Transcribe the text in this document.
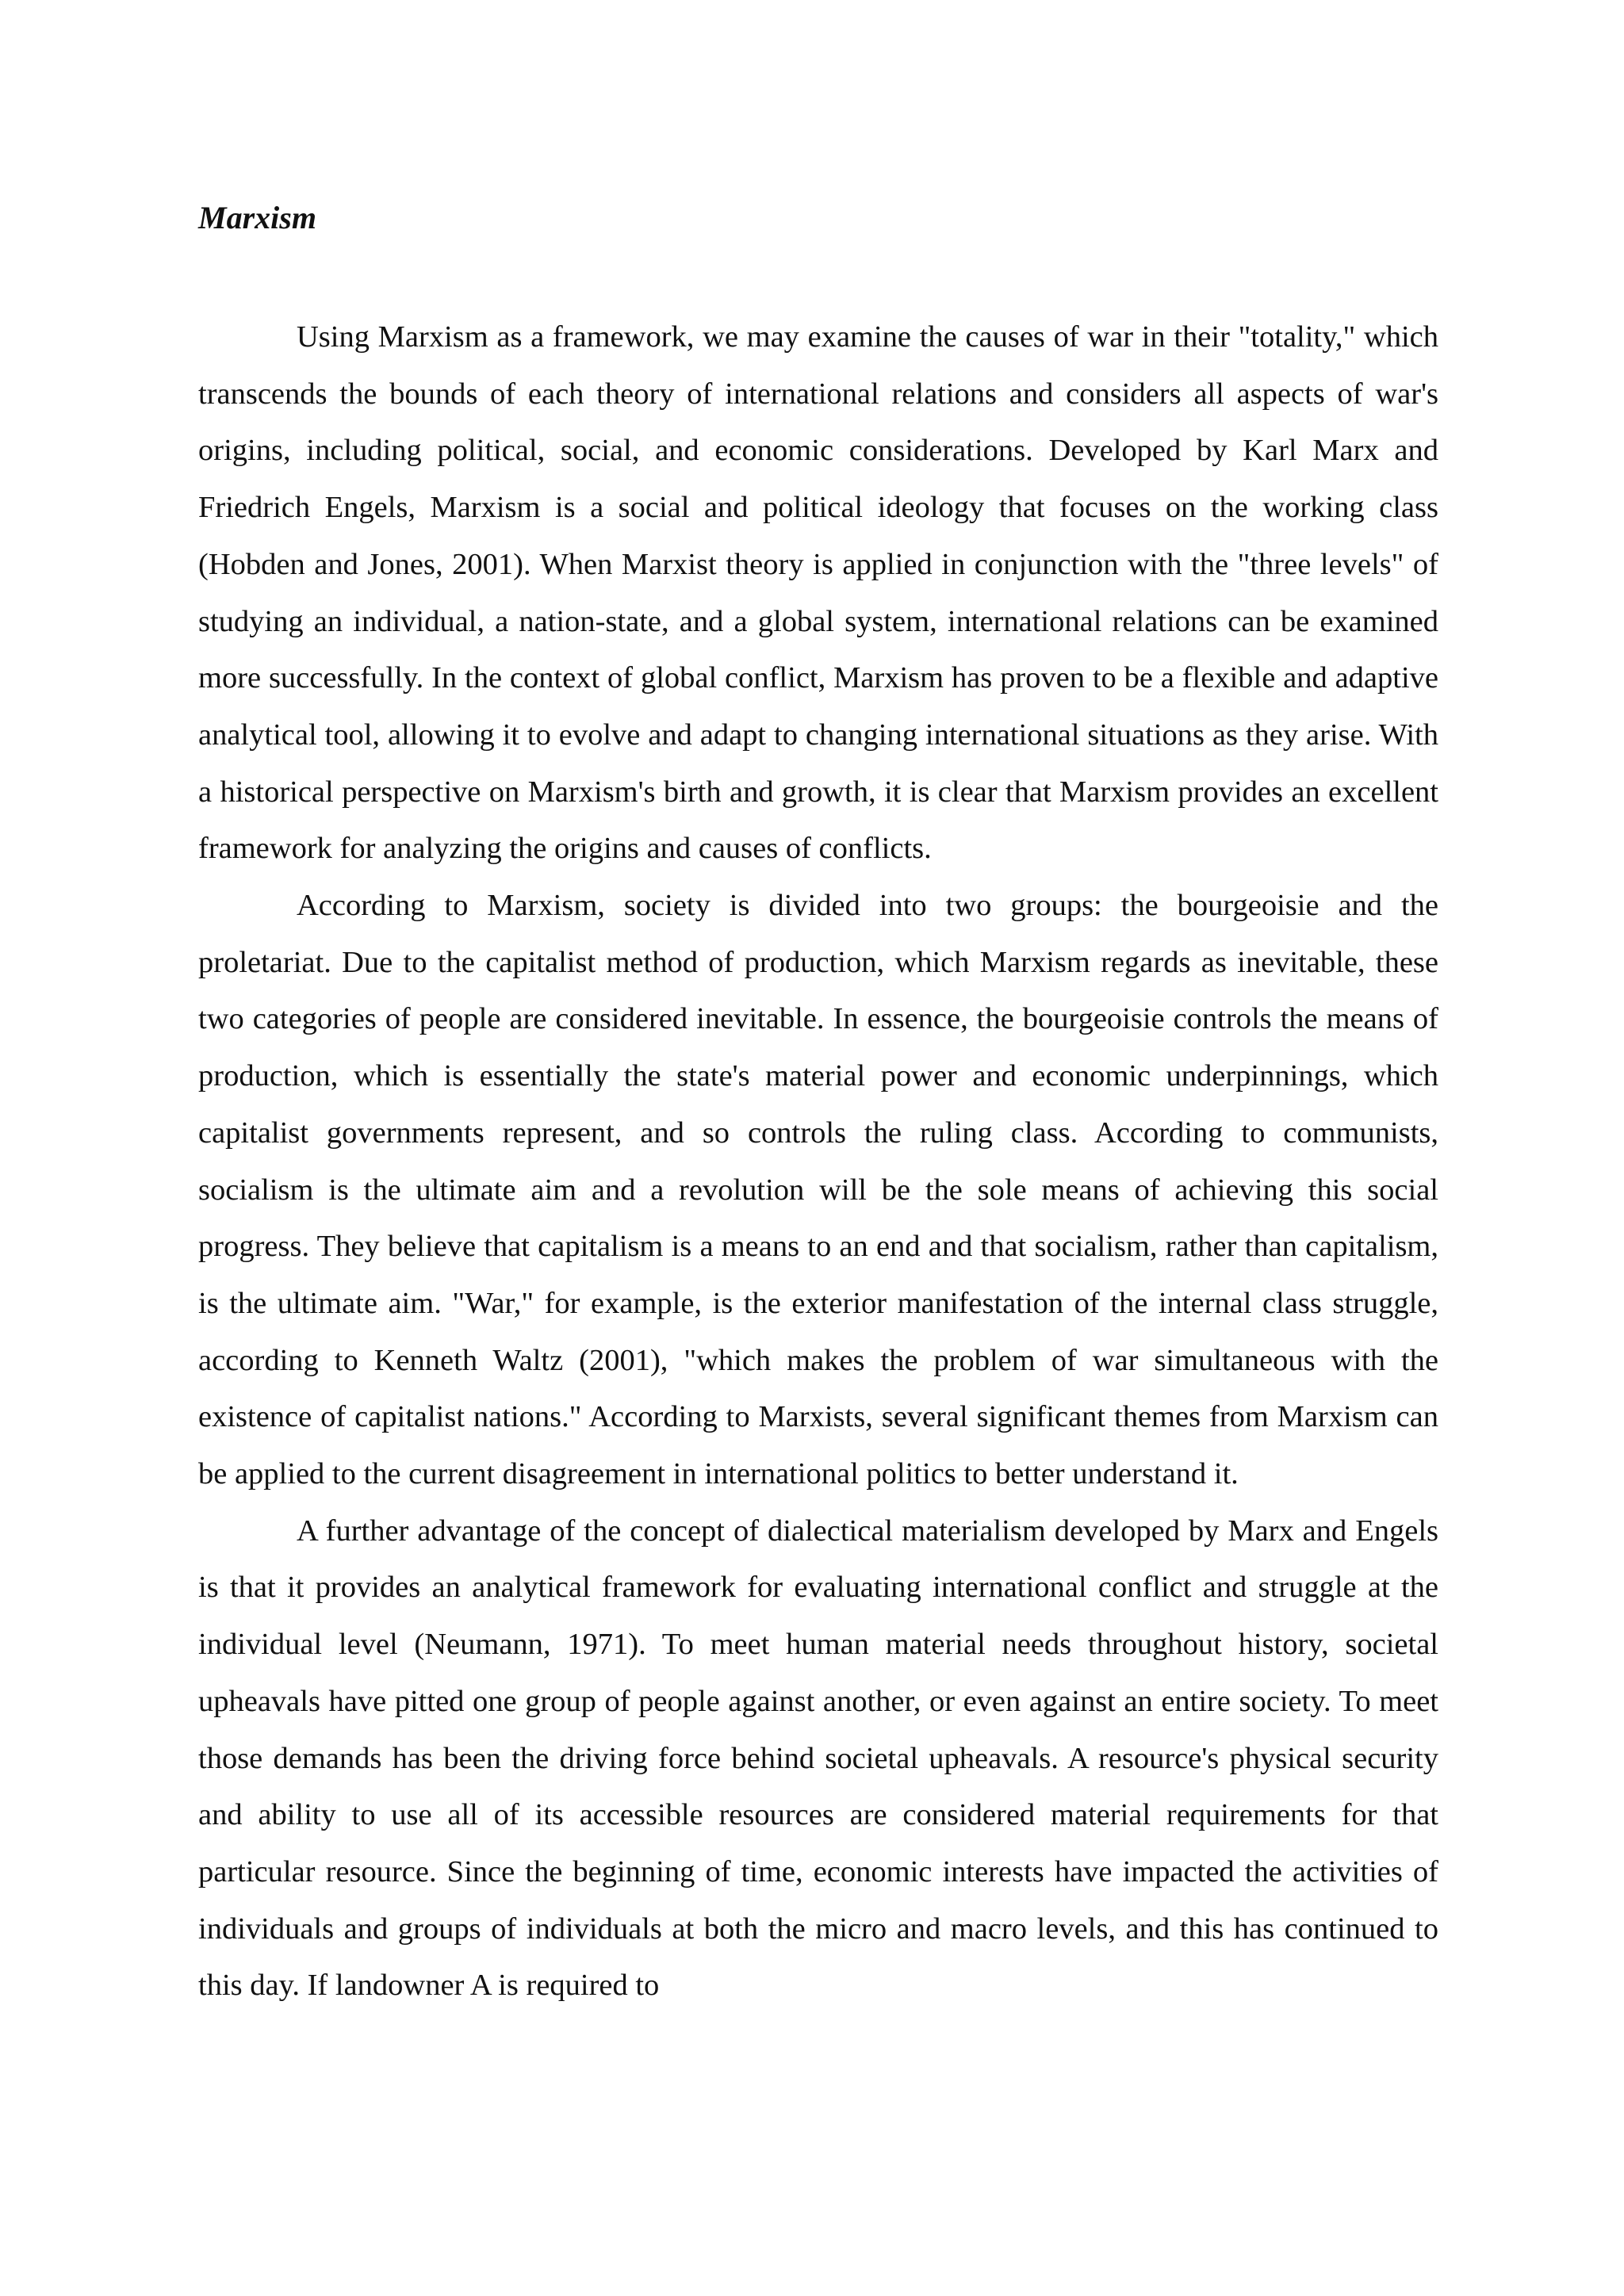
Marxism

Using Marxism as a framework, we may examine the causes of war in their "totality," which transcends the bounds of each theory of international relations and considers all aspects of war's origins, including political, social, and economic considerations. Developed by Karl Marx and Friedrich Engels, Marxism is a social and political ideology that focuses on the working class (Hobden and Jones, 2001). When Marxist theory is applied in conjunction with the "three levels" of studying an individual, a nation-state, and a global system, international relations can be examined more successfully. In the context of global conflict, Marxism has proven to be a flexible and adaptive analytical tool, allowing it to evolve and adapt to changing international situations as they arise. With a historical perspective on Marxism's birth and growth, it is clear that Marxism provides an excellent framework for analyzing the origins and causes of conflicts.

According to Marxism, society is divided into two groups: the bourgeoisie and the proletariat. Due to the capitalist method of production, which Marxism regards as inevitable, these two categories of people are considered inevitable. In essence, the bourgeoisie controls the means of production, which is essentially the state's material power and economic underpinnings, which capitalist governments represent, and so controls the ruling class. According to communists, socialism is the ultimate aim and a revolution will be the sole means of achieving this social progress. They believe that capitalism is a means to an end and that socialism, rather than capitalism, is the ultimate aim. "War," for example, is the exterior manifestation of the internal class struggle, according to Kenneth Waltz (2001), "which makes the problem of war simultaneous with the existence of capitalist nations." According to Marxists, several significant themes from Marxism can be applied to the current disagreement in international politics to better understand it.

A further advantage of the concept of dialectical materialism developed by Marx and Engels is that it provides an analytical framework for evaluating international conflict and struggle at the individual level (Neumann, 1971). To meet human material needs throughout history, societal upheavals have pitted one group of people against another, or even against an entire society. To meet those demands has been the driving force behind societal upheavals. A resource's physical security and ability to use all of its accessible resources are considered material requirements for that particular resource. Since the beginning of time, economic interests have impacted the activities of individuals and groups of individuals at both the micro and macro levels, and this has continued to this day. If landowner A is required to
